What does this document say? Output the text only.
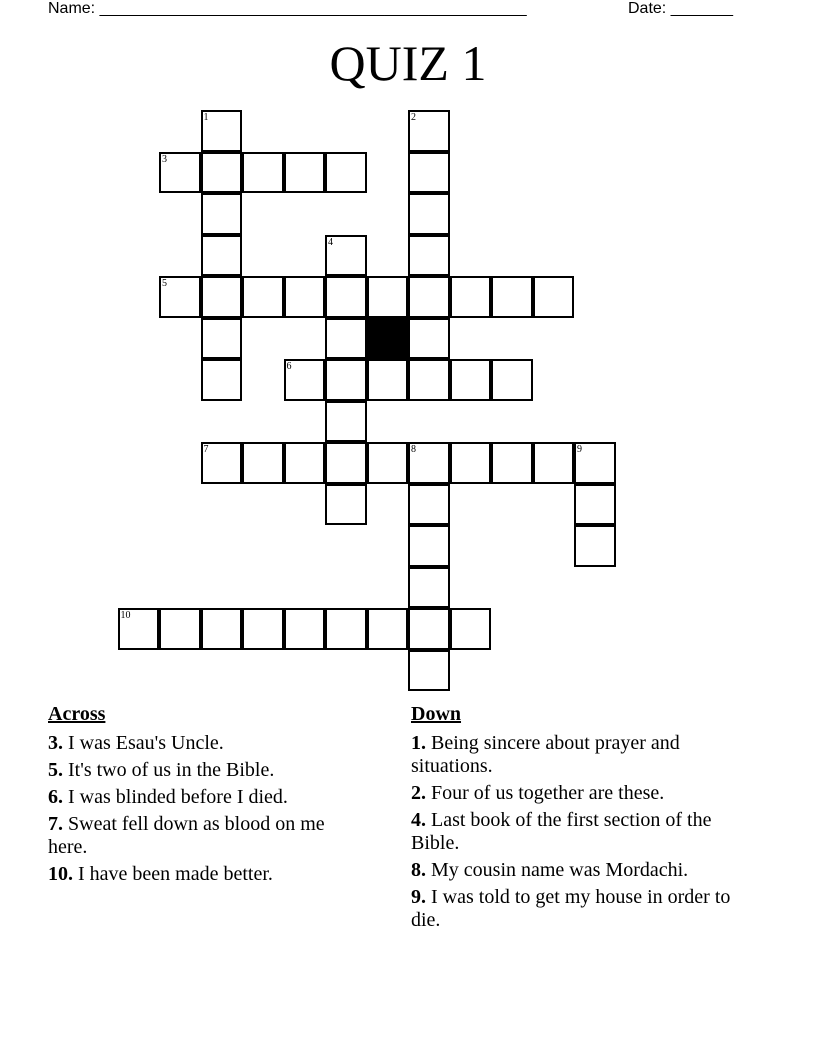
Name: ________________________________________________	Date: _______
QUIZ 1
1	2
3
4
5
6
7	8	9
10
Across
3. I was Esau's Uncle.
5. It's two of us in the Bible.
6. I was blinded before I died.
7. Sweat fell down as blood on me here.
10. I have been made better.
Down
1. Being sincere about prayer and situations.
2. Four of us together are these.
4. Last book of the first section of the Bible.
8. My cousin name was Mordachi.
9. I was told to get my house in order to die.
